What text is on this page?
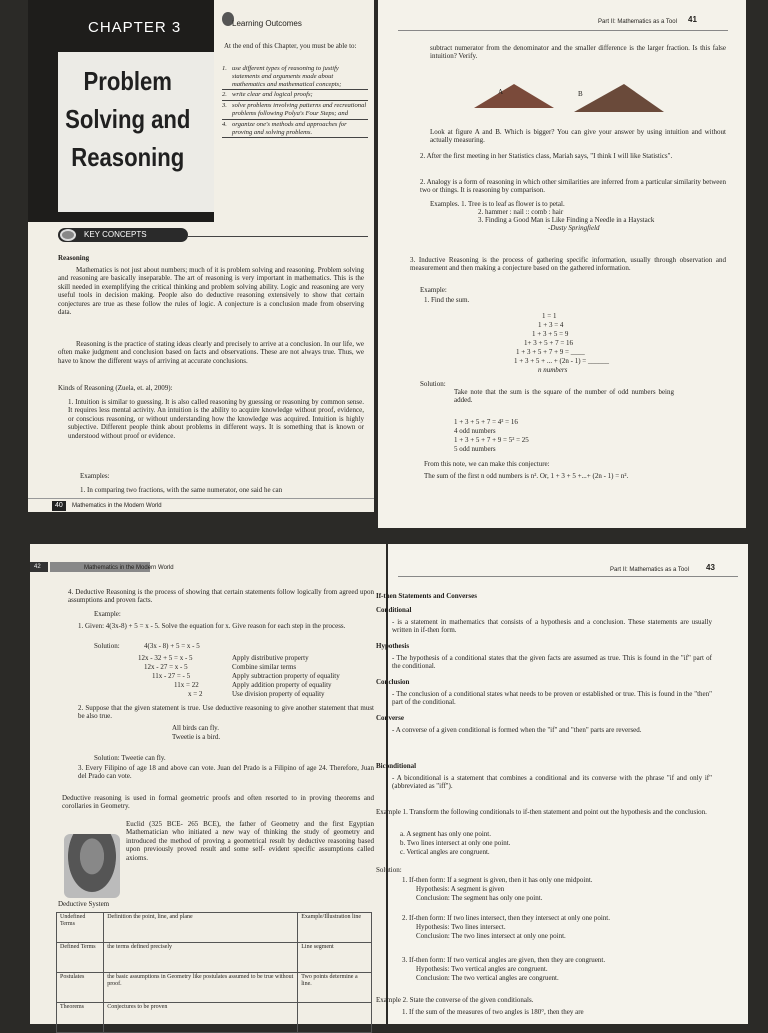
CHAPTER 3
Problem
Solving and
Reasoning
Learning Outcomes
At the end of this Chapter, you must be able to:
1. use different types of reasoning to justify statements and arguments made about mathematics and mathematical concepts;
2. write clear and logical proofs;
3. solve problems involving patterns and recreational problems following Polya's Four Steps; and
4. organize one's methods and approaches for proving and solving problems.
KEY CONCEPTS
Reasoning
Mathematics is not just about numbers; much of it is problem solving and reasoning. Problem solving and reasoning are basically inseparable. The art of reasoning is very important in mathematics. This is the skill needed in exemplifying the critical thinking and problem solving ability. Logic and reasoning are very useful tools in decision making. People also do deductive reasoning extensively to show that certain conjectures are true as these follow the rules of logic. A conjecture is a conclusion made from observing data.
Reasoning is the practice of stating ideas clearly and precisely to arrive at a conclusion. In our life, we often make judgment and conclusion based on facts and observations. These are not always true. Thus, we have to know the different ways of arriving at accurate conclusions.
Kinds of Reasoning (Zuela, et. al, 2009):
1. Intuition is similar to guessing. It is also called reasoning by guessing or reasoning by common sense. It requires less mental activity. An intuition is the ability to acquire knowledge without proof, evidence, or conscious reasoning, or without understanding how the knowledge was acquired. Intuition is highly subjective. Different people think about problems in different ways. It is something that is known or understood without proof or evidence.
Examples:
1. In comparing two fractions, with the same numerator, one said he can
40	Mathematics in the Modern World
Part II: Mathematics as a Tool 41
subtract numerator from the denominator and the smaller difference is the larger fraction. Is this false intuition? Verify.
A	B
Look at figure A and B. Which is bigger? You can give your answer by using intuition and without actually measuring.
2. After the first meeting in her Statistics class, Mariah says, "I think I will like Statistics".
2. Analogy is a form of reasoning in which other similarities are inferred from a particular similarity between two or things. It is reasoning by comparison.
Examples. 1. Tree is to leaf as flower is to petal.
2. hammer : nail :: comb : hair
3. Finding a Good Man is Like Finding a Needle in a Haystack
-Dusty Springfield
3. Inductive Reasoning is the process of gathering specific information, usually through observation and measurement and then making a conjecture based on the gathered information.
Example:
1. Find the sum.
1 = 1
1 + 3 = 4
1 + 3 + 5 = 9
1+ 3 + 5 + 7 = 16
1 + 3 + 5 + 7 + 9 = ____
1 + 3 + 5 + ... + (2n - 1) = ______
n numbers
Solution:
Take note that the sum is the square of the number of odd numbers being added.
1 + 3 + 5 + 7 = 4² = 16
4 odd numbers
1 + 3 + 5 + 7 + 9 = 5² = 25
5 odd numbers
From this note, we can make this conjecture:
The sum of the first n odd numbers is n². Or, 1 + 3 + 5 +...+ (2n - 1) = n².
42	Mathematics in the Modern World
4. Deductive Reasoning is the process of showing that certain statements follow logically from agreed upon assumptions and proven facts.
Example:
1. Given: 4(3x-8) + 5 = x - 5. Solve the equation for x. Give reason for each step in the process.
Solution:	4(3x - 8) + 5 = x - 5
12x - 32 + 5 = x - 5	Apply distributive property
12x - 27 = x - 5	Combine similar terms
11x - 27 = - 5	Apply subtraction property of equality
11x = 22	Apply addition property of equality
x = 2	Use division property of equality
2. Suppose that the given statement is true. Use deductive reasoning to give another statement that must be also true.
All birds can fly.
Tweetie is a bird.
Solution: Tweetie can fly.
3. Every Filipino of age 18 and above can vote. Juan del Prado is a Filipino of age 24. Therefore, Juan del Prado can vote.
Deductive reasoning is used in formal geometric proofs and often resorted to in proving theorems and corollaries in Geometry.
Euclid (325 BCE- 265 BCE), the father of Geometry and the first Egyptian Mathematician who initiated a new way of thinking the study of geometry and introduced the method of proving a geometrical result by deductive reasoning based upon previously proved result and some self- evident specific assumptions called axioms.
Deductive System
Undefined Terms	Definition the point, line, and plane	Example/Illustration line
Defined Terms	the terms defined precisely	Line segment
Postulates	the basic assumptions in Geometry like postulates assumed to be true without proof.	Two points determine a line.
Theorems	Conjectures to be proven	
Part II: Mathematics as a Tool 43
If-then Statements and Converses
Conditional
- is a statement in mathematics that consists of a hypothesis and a conclusion. These statements are usually written in if-then form.
Hypothesis
- The hypothesis of a conditional states that the given facts are assumed as true. This is found in the "if" part of the conditional.
Conclusion
- The conclusion of a conditional states what needs to be proven or established or true. This is found in the "then" part of the conditional.
Converse
- A converse of a given conditional is formed when the "if" and "then" parts are reversed.
Biconditional
- A biconditional is a statement that combines a conditional and its converse with the phrase "if and only if" (abbreviated as "iff").
Example 1. Transform the following conditionals to if-then statement and point out the hypothesis and the conclusion.
a. A segment has only one point.
b. Two lines intersect at only one point.
c. Vertical angles are congruent.
Solution:
1. If-then form: If a segment is given, then it has only one midpoint.
Hypothesis: A segment is given
Conclusion: The segment has only one point.
2. If-then form: If two lines intersect, then they intersect at only one point.
Hypothesis: Two lines intersect.
Conclusion: The two lines intersect at only one point.
3. If-then form: If two vertical angles are given, then they are congruent.
Hypothesis: Two vertical angles are congruent.
Conclusion: The two vertical angles are congruent.
Example 2. State the converse of the given conditionals.
1. If the sum of the measures of two angles is 180°, then they are
